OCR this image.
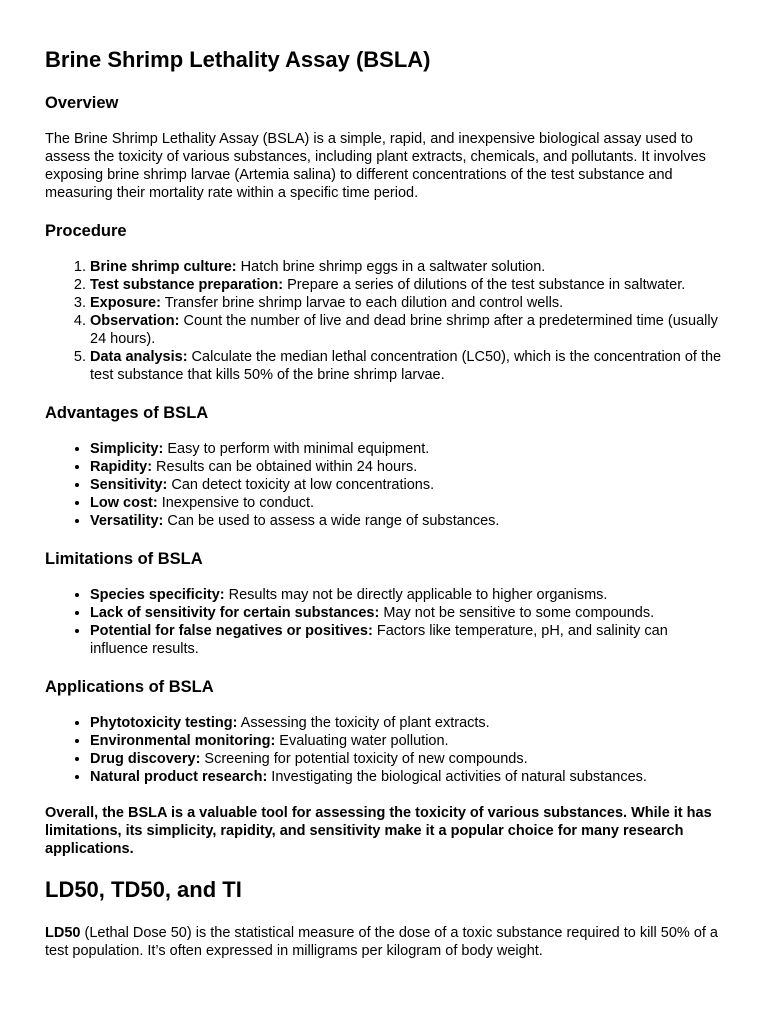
Brine Shrimp Lethality Assay (BSLA)
Overview

The Brine Shrimp Lethality Assay (BSLA) is a simple, rapid, and inexpensive biological assay used to assess the toxicity of various substances, including plant extracts, chemicals, and pollutants. It involves exposing brine shrimp larvae (Artemia salina) to different concentrations of the test substance and measuring their mortality rate within a specific time period.

Procedure
1. Brine shrimp culture: Hatch brine shrimp eggs in a saltwater solution.
2. Test substance preparation: Prepare a series of dilutions of the test substance in saltwater.
3. Exposure: Transfer brine shrimp larvae to each dilution and control wells.
4. Observation: Count the number of live and dead brine shrimp after a predetermined time (usually 24 hours).
5. Data analysis: Calculate the median lethal concentration (LC50), which is the concentration of the test substance that kills 50% of the brine shrimp larvae.
Advantages of BSLA
• Simplicity: Easy to perform with minimal equipment.
• Rapidity: Results can be obtained within 24 hours.
• Sensitivity: Can detect toxicity at low concentrations.
• Low cost: Inexpensive to conduct.
• Versatility: Can be used to assess a wide range of substances.
Limitations of BSLA
• Species specificity: Results may not be directly applicable to higher organisms.
• Lack of sensitivity for certain substances: May not be sensitive to some compounds.
• Potential for false negatives or positives: Factors like temperature, pH, and salinity can influence results.
Applications of BSLA
• Phytotoxicity testing: Assessing the toxicity of plant extracts.
• Environmental monitoring: Evaluating water pollution.
• Drug discovery: Screening for potential toxicity of new compounds.
• Natural product research: Investigating the biological activities of natural substances.

Overall, the BSLA is a valuable tool for assessing the toxicity of various substances. While it has limitations, its simplicity, rapidity, and sensitivity make it a popular choice for many research applications.

LD50, TD50, and TI

LD50 (Lethal Dose 50) is the statistical measure of the dose of a toxic substance required to kill 50% of a test population. It’s often expressed in milligrams per kilogram of body weight.
